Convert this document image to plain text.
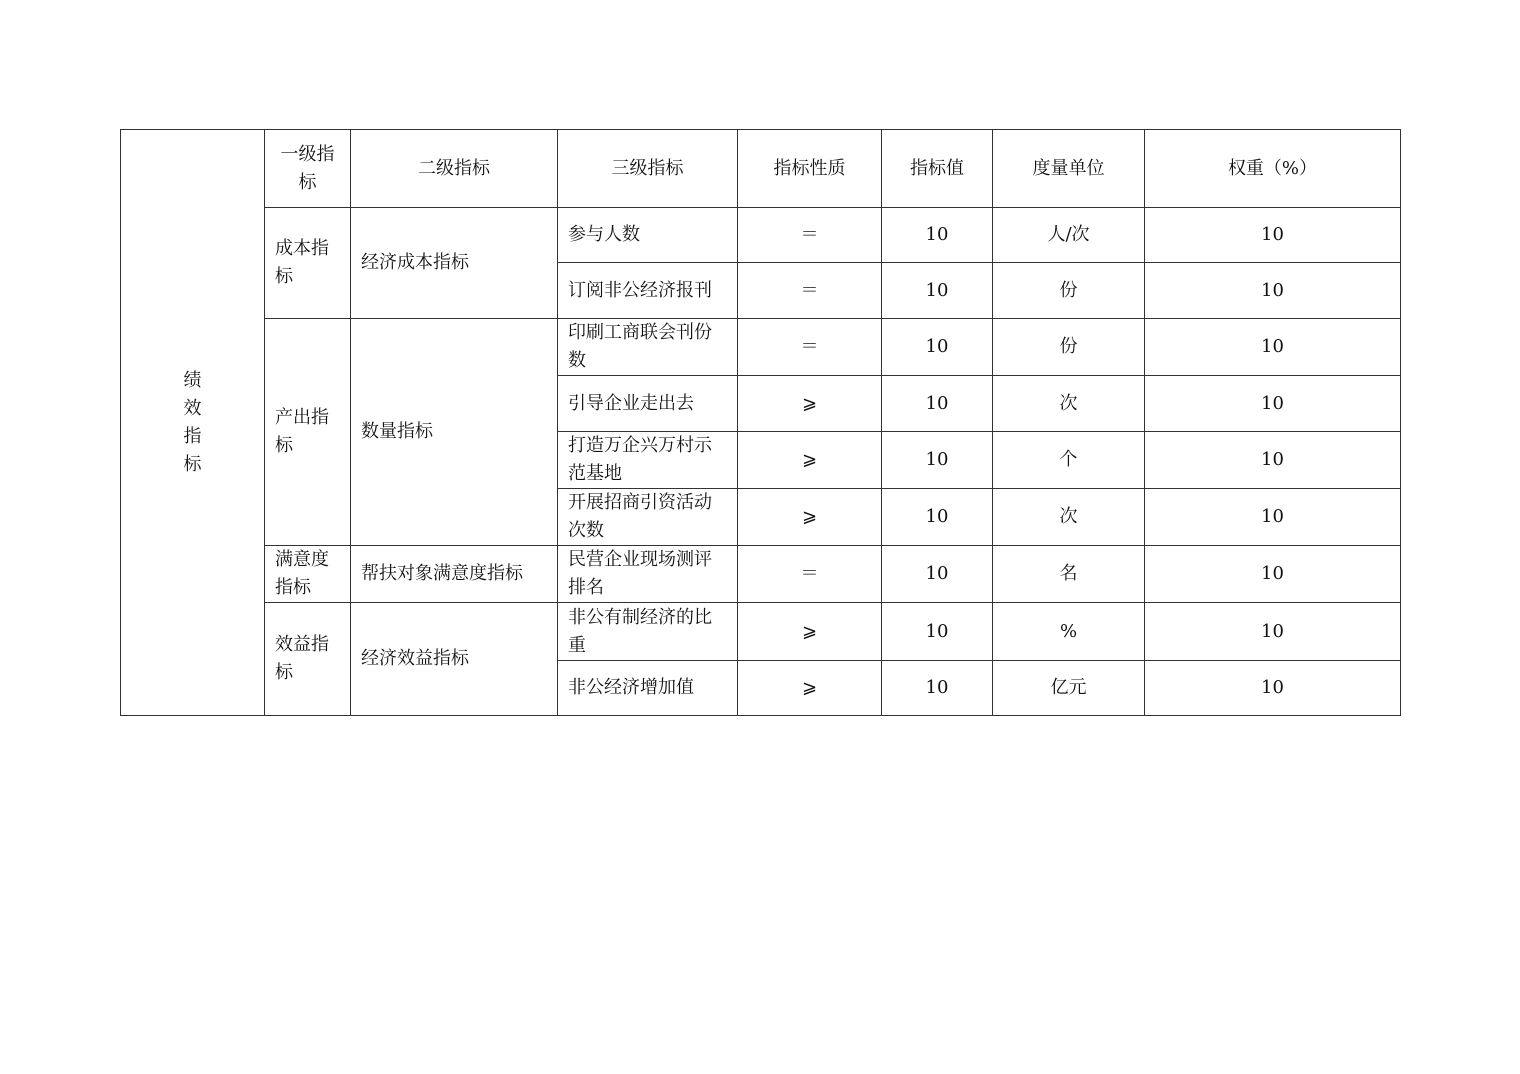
绩
效
指
标	一级指标	二级指标	三级指标	指标性质	指标值	度量单位	权重（%）
	成本指标	经济成本指标	参与人数	＝	10	人/次	10
			订阅非公经济报刊	＝	10	份	10
	产出指标	数量指标	印刷工商联会刊份数	＝	10	份	10
			引导企业走出去	⩾	10	次	10
			打造万企兴万村示范基地	⩾	10	个	10
			开展招商引资活动次数	⩾	10	次	10
	满意度指标	帮扶对象满意度指标	民营企业现场测评排名	＝	10	名	10
	效益指标	经济效益指标	非公有制经济的比重	⩾	10	%	10
			非公经济增加值	⩾	10	亿元	10
